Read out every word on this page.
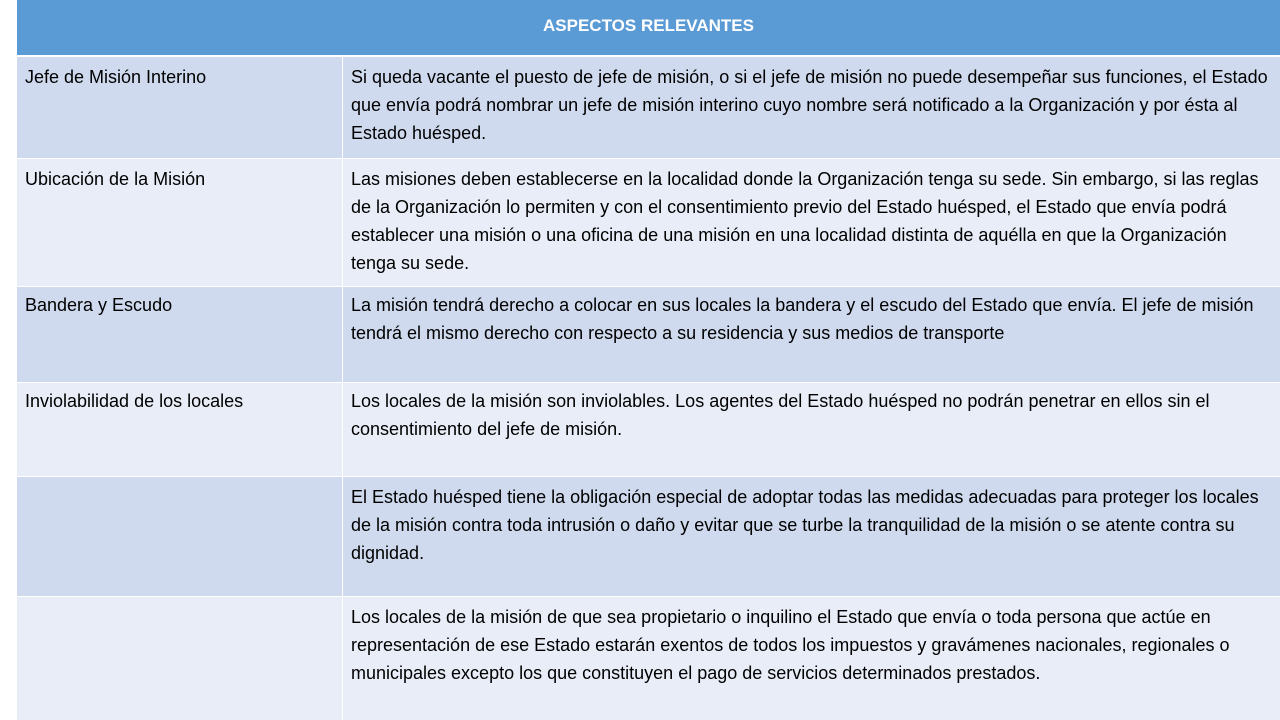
ASPECTOS RELEVANTES	
Jefe de Misión Interino	Si queda vacante el puesto de jefe de misión, o si el jefe de misión no puede desempeñar sus funciones, el Estado que envía podrá nombrar un jefe de misión interino cuyo nombre será notificado a la Organización y por ésta al Estado huésped.
Ubicación de la Misión	Las misiones deben establecerse en la localidad donde la Organización tenga su sede. Sin embargo, si las reglas de la Organización lo permiten y con el consentimiento previo del Estado huésped, el Estado que envía podrá establecer una misión o una oficina de una misión en una localidad distinta de aquélla en que la Organización tenga su sede.
Bandera y Escudo	La misión tendrá derecho a colocar en sus locales la bandera y el escudo del Estado que envía. El jefe de misión tendrá el mismo derecho con respecto a su residencia y sus medios de transporte
Inviolabilidad de los locales	Los locales de la misión son inviolables. Los agentes del Estado huésped no podrán penetrar en ellos sin el consentimiento del jefe de misión.
	El Estado huésped tiene la obligación especial de adoptar todas las medidas adecuadas para proteger los locales de la misión contra toda intrusión o daño y evitar que se turbe la tranquilidad de la misión o se atente contra su dignidad.
	Los locales de la misión de que sea propietario o inquilino el Estado que envía o toda persona que actúe en representación de ese Estado estarán exentos de todos los impuestos y gravámenes nacionales, regionales o municipales excepto los que constituyen el pago de servicios determinados prestados.
